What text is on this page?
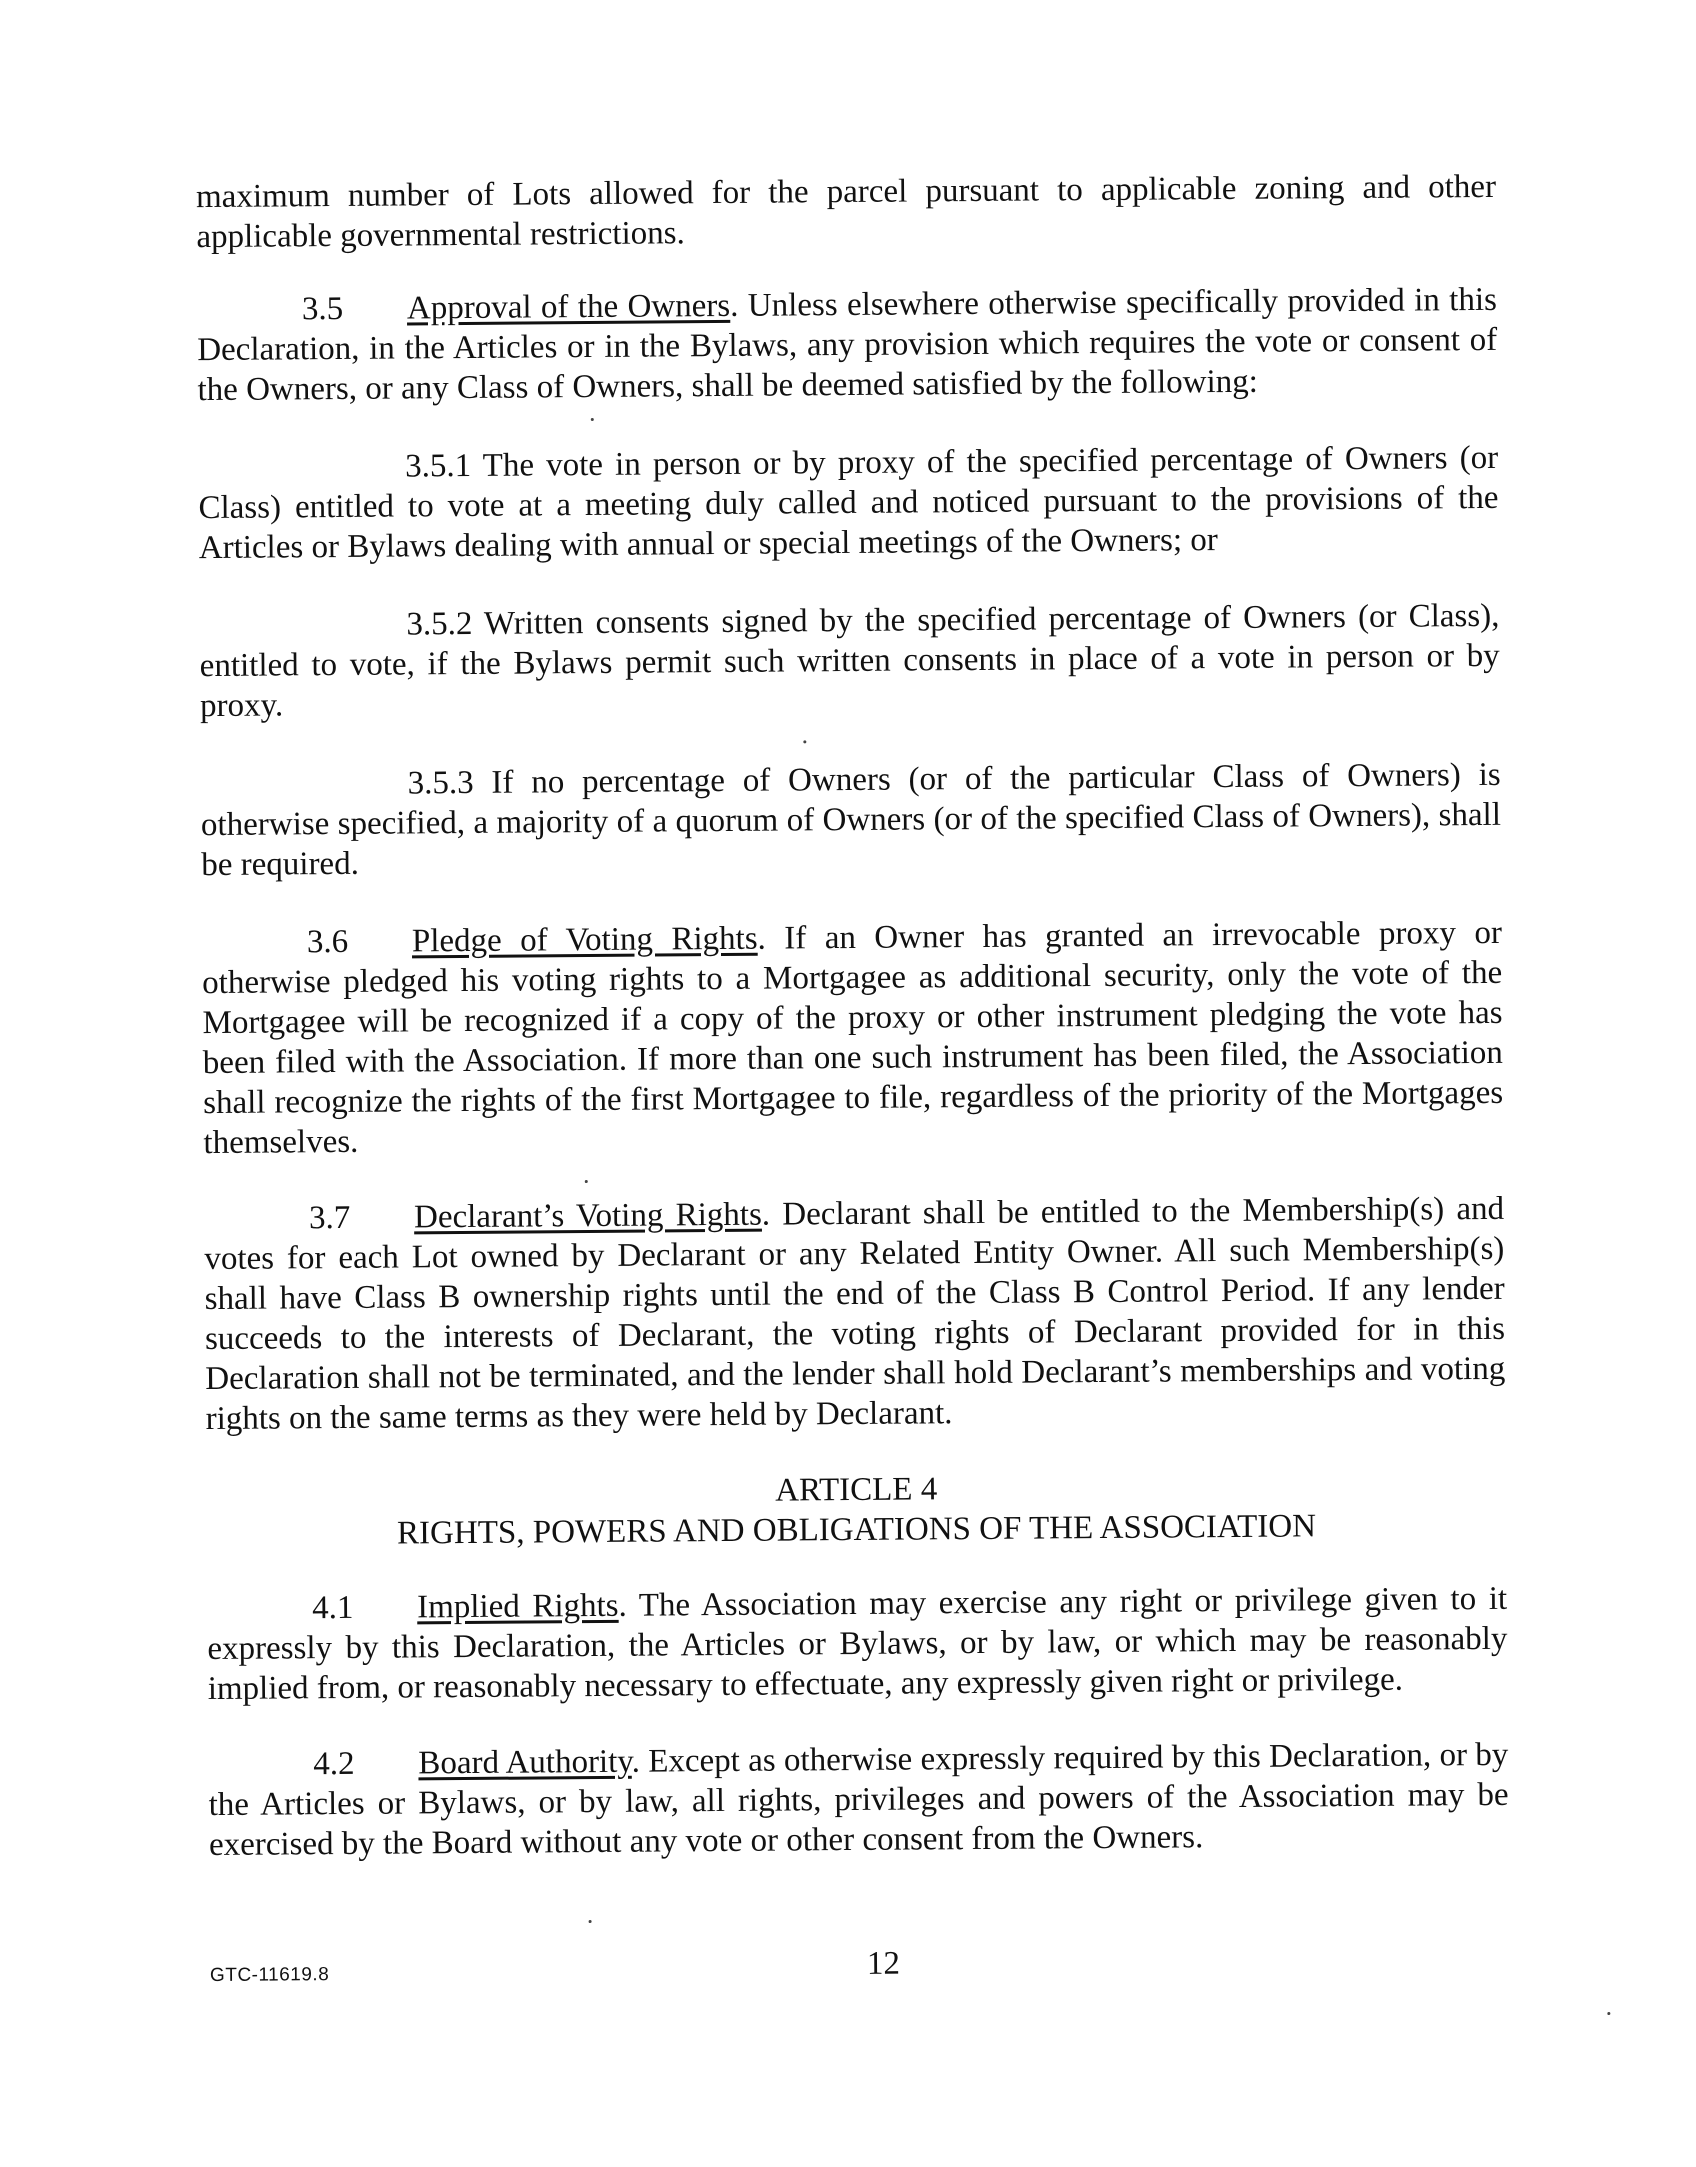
maximum number of Lots allowed for the parcel pursuant to applicable zoning and other applicable governmental restrictions.

3.5 Approval of the Owners. Unless elsewhere otherwise specifically provided in this Declaration, in the Articles or in the Bylaws, any provision which requires the vote or consent of the Owners, or any Class of Owners, shall be deemed satisfied by the following:

3.5.1 The vote in person or by proxy of the specified percentage of Owners (or Class) entitled to vote at a meeting duly called and noticed pursuant to the provisions of the Articles or Bylaws dealing with annual or special meetings of the Owners; or

3.5.2 Written consents signed by the specified percentage of Owners (or Class), entitled to vote, if the Bylaws permit such written consents in place of a vote in person or by proxy.

3.5.3 If no percentage of Owners (or of the particular Class of Owners) is otherwise specified, a majority of a quorum of Owners (or of the specified Class of Owners), shall be required.

3.6 Pledge of Voting Rights. If an Owner has granted an irrevocable proxy or otherwise pledged his voting rights to a Mortgagee as additional security, only the vote of the Mortgagee will be recognized if a copy of the proxy or other instrument pledging the vote has been filed with the Association. If more than one such instrument has been filed, the Association shall recognize the rights of the first Mortgagee to file, regardless of the priority of the Mortgages themselves.

3.7 Declarant’s Voting Rights. Declarant shall be entitled to the Membership(s) and votes for each Lot owned by Declarant or any Related Entity Owner. All such Membership(s) shall have Class B ownership rights until the end of the Class B Control Period. If any lender succeeds to the interests of Declarant, the voting rights of Declarant provided for in this Declaration shall not be terminated, and the lender shall hold Declarant’s memberships and voting rights on the same terms as they were held by Declarant.

ARTICLE 4
RIGHTS, POWERS AND OBLIGATIONS OF THE ASSOCIATION

4.1 Implied Rights. The Association may exercise any right or privilege given to it expressly by this Declaration, the Articles or Bylaws, or by law, or which may be reasonably implied from, or reasonably necessary to effectuate, any expressly given right or privilege.

4.2 Board Authority. Except as otherwise expressly required by this Declaration, or by the Articles or Bylaws, or by law, all rights, privileges and powers of the Association may be exercised by the Board without any vote or other consent from the Owners.

GTC-11619.8	12
